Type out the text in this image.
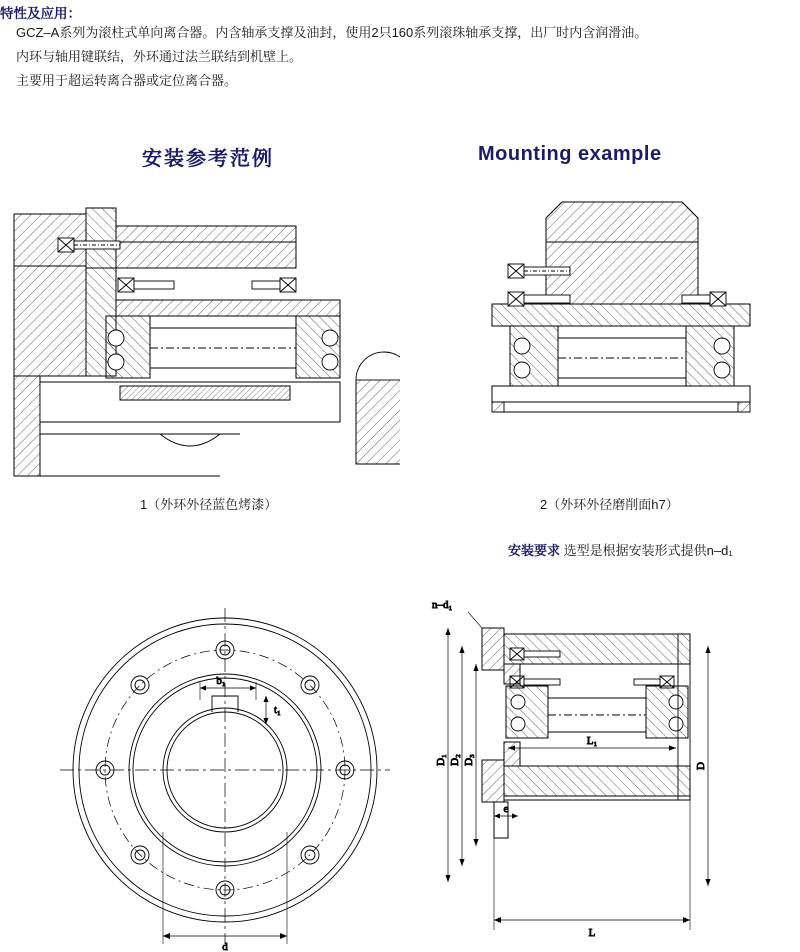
特性及应用：
GCZ–A系列为滚柱式单向离合器。内含轴承支撑及油封，使用2只160系列滚珠轴承支撑，出厂时内含润滑油。
内环与轴用键联结，外环通过法兰联结到机壁上。
主要用于超运转离合器或定位离合器。
安装参考范例	Mounting example
1（外环外径蓝色烤漆）	2（外环外径磨削面h7）
安装要求 选型是根据安装形式提供n–d₁
b₁
t₁
d
n–d₁
D₁ D₂ D₃
D
L₁
e
L
